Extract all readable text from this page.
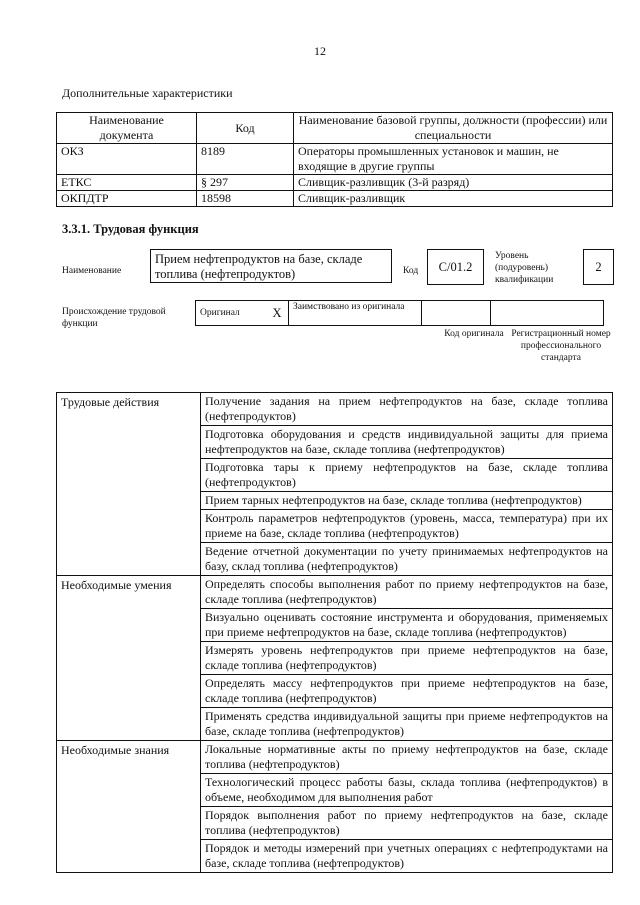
12
Дополнительные характеристики
Наименование документа	Код	Наименование базовой группы, должности (профессии) или специальности
ОКЗ	8189	Операторы промышленных установок и машин, не входящие в другие группы
ЕТКС	§ 297	Сливщик-разливщик (3-й разряд)
ОКПДТР	18598	Сливщик-разливщик
3.3.1. Трудовая функция
Наименование
Прием нефтепродуктов на базе, складе топлива (нефтепродуктов)	Код	C/01.2
Уровень (подуровень) квалификации
2
Происхождение трудовой функции
Оригинал	X	Заимствовано из оригинала		
Код оригинала Регистрационный номер профессионального стандарта
Трудовые действия	Получение задания на прием нефтепродуктов на базе, складе топлива (нефтепродуктов)
	Подготовка оборудования и средств индивидуальной защиты для приема нефтепродуктов на базе, складе топлива (нефтепродуктов)
	Подготовка тары к приему нефтепродуктов на базе, складе топлива (нефтепродуктов)
	Прием тарных нефтепродуктов на базе, складе топлива (нефтепродуктов)
	Контроль параметров нефтепродуктов (уровень, масса, температура) при их приеме на базе, складе топлива (нефтепродуктов)
	Ведение отчетной документации по учету принимаемых нефтепродуктов на базу, склад топлива (нефтепродуктов)
Необходимые умения	Определять способы выполнения работ по приему нефтепродуктов на базе, складе топлива (нефтепродуктов)
	Визуально оценивать состояние инструмента и оборудования, применяемых при приеме нефтепродуктов на базе, складе топлива (нефтепродуктов)
	Измерять уровень нефтепродуктов при приеме нефтепродуктов на базе, складе топлива (нефтепродуктов)
	Определять массу нефтепродуктов при приеме нефтепродуктов на базе, складе топлива (нефтепродуктов)
	Применять средства индивидуальной защиты при приеме нефтепродуктов на базе, складе топлива (нефтепродуктов)
Необходимые знания	Локальные нормативные акты по приему нефтепродуктов на базе, складе топлива (нефтепродуктов)
	Технологический процесс работы базы, склада топлива (нефтепродуктов) в объеме, необходимом для выполнения работ
	Порядок выполнения работ по приему нефтепродуктов на базе, складе топлива (нефтепродуктов)
	Порядок и методы измерений при учетных операциях с нефтепродуктами на базе, складе топлива (нефтепродуктов)
